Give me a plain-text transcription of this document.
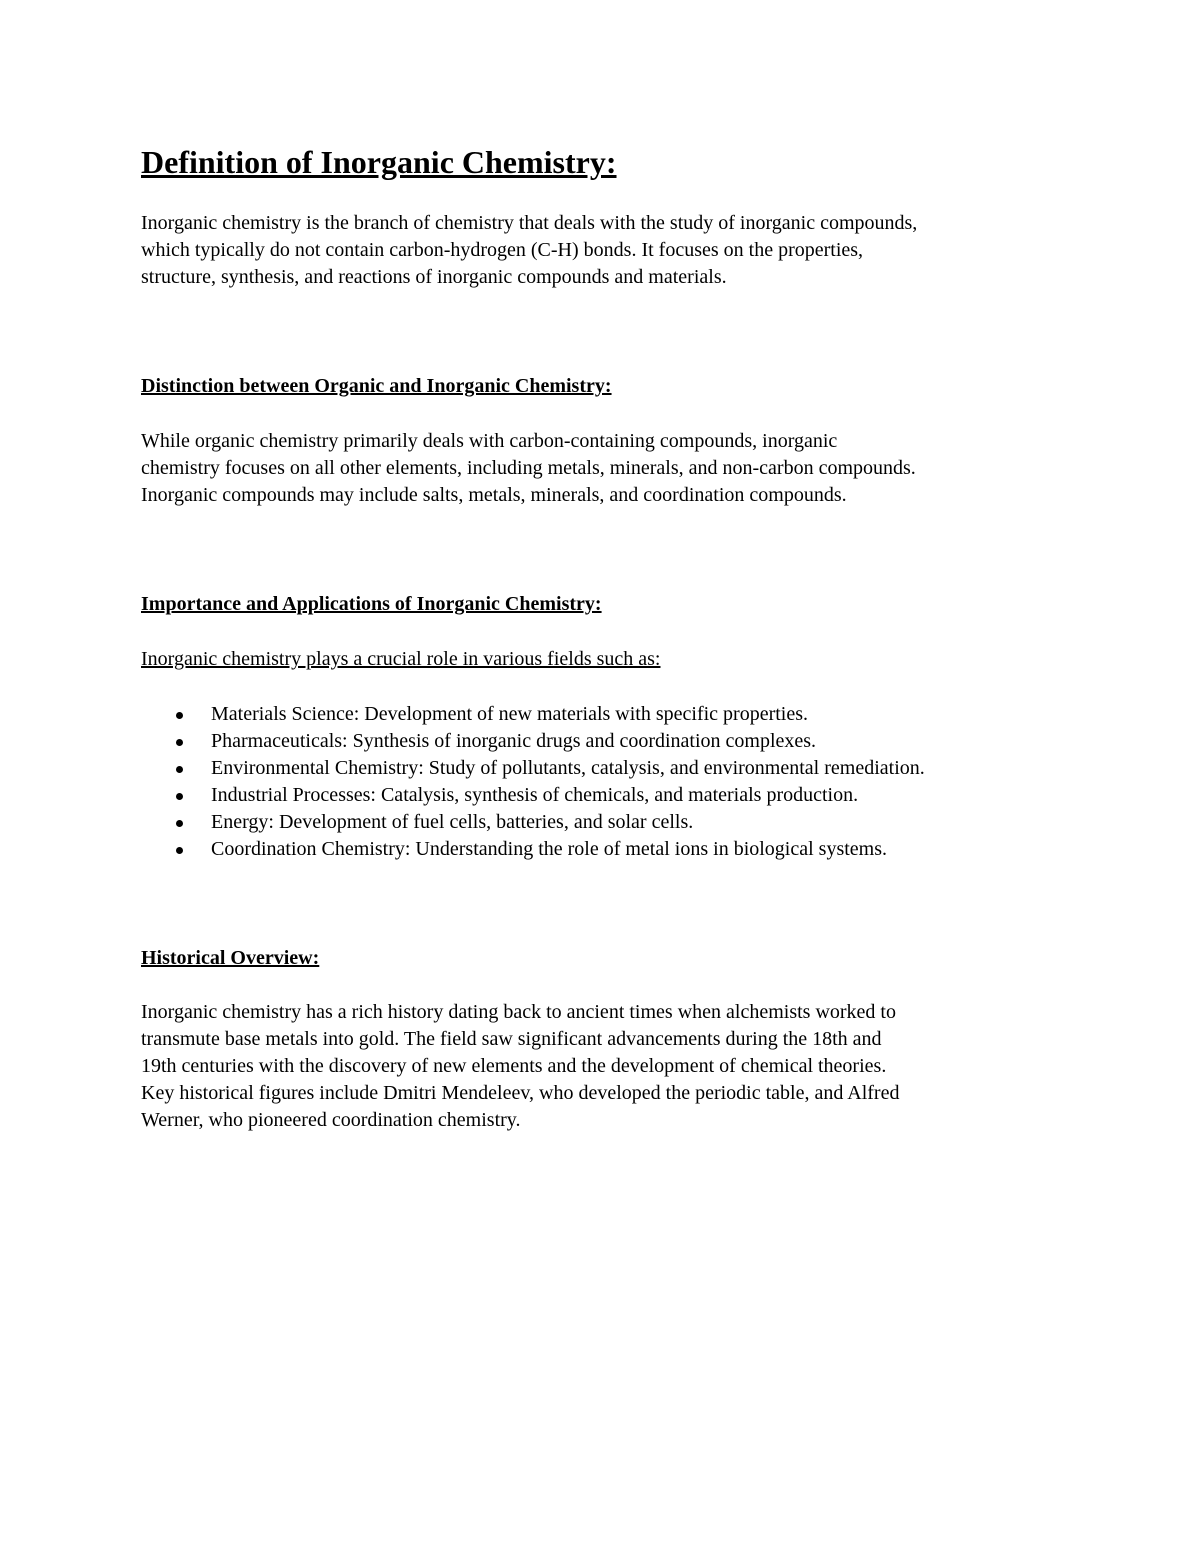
Definition of Inorganic Chemistry:
Inorganic chemistry is the branch of chemistry that deals with the study of inorganic compounds,
which typically do not contain carbon-hydrogen (C-H) bonds. It focuses on the properties,
structure, synthesis, and reactions of inorganic compounds and materials.
Distinction between Organic and Inorganic Chemistry:
While organic chemistry primarily deals with carbon-containing compounds, inorganic
chemistry focuses on all other elements, including metals, minerals, and non-carbon compounds.
Inorganic compounds may include salts, metals, minerals, and coordination compounds.
Importance and Applications of Inorganic Chemistry:
Inorganic chemistry plays a crucial role in various fields such as:
Materials Science: Development of new materials with specific properties.
Pharmaceuticals: Synthesis of inorganic drugs and coordination complexes.
Environmental Chemistry: Study of pollutants, catalysis, and environmental remediation.
Industrial Processes: Catalysis, synthesis of chemicals, and materials production.
Energy: Development of fuel cells, batteries, and solar cells.
Coordination Chemistry: Understanding the role of metal ions in biological systems.
Historical Overview:
Inorganic chemistry has a rich history dating back to ancient times when alchemists worked to
transmute base metals into gold. The field saw significant advancements during the 18th and
19th centuries with the discovery of new elements and the development of chemical theories.
Key historical figures include Dmitri Mendeleev, who developed the periodic table, and Alfred
Werner, who pioneered coordination chemistry.
